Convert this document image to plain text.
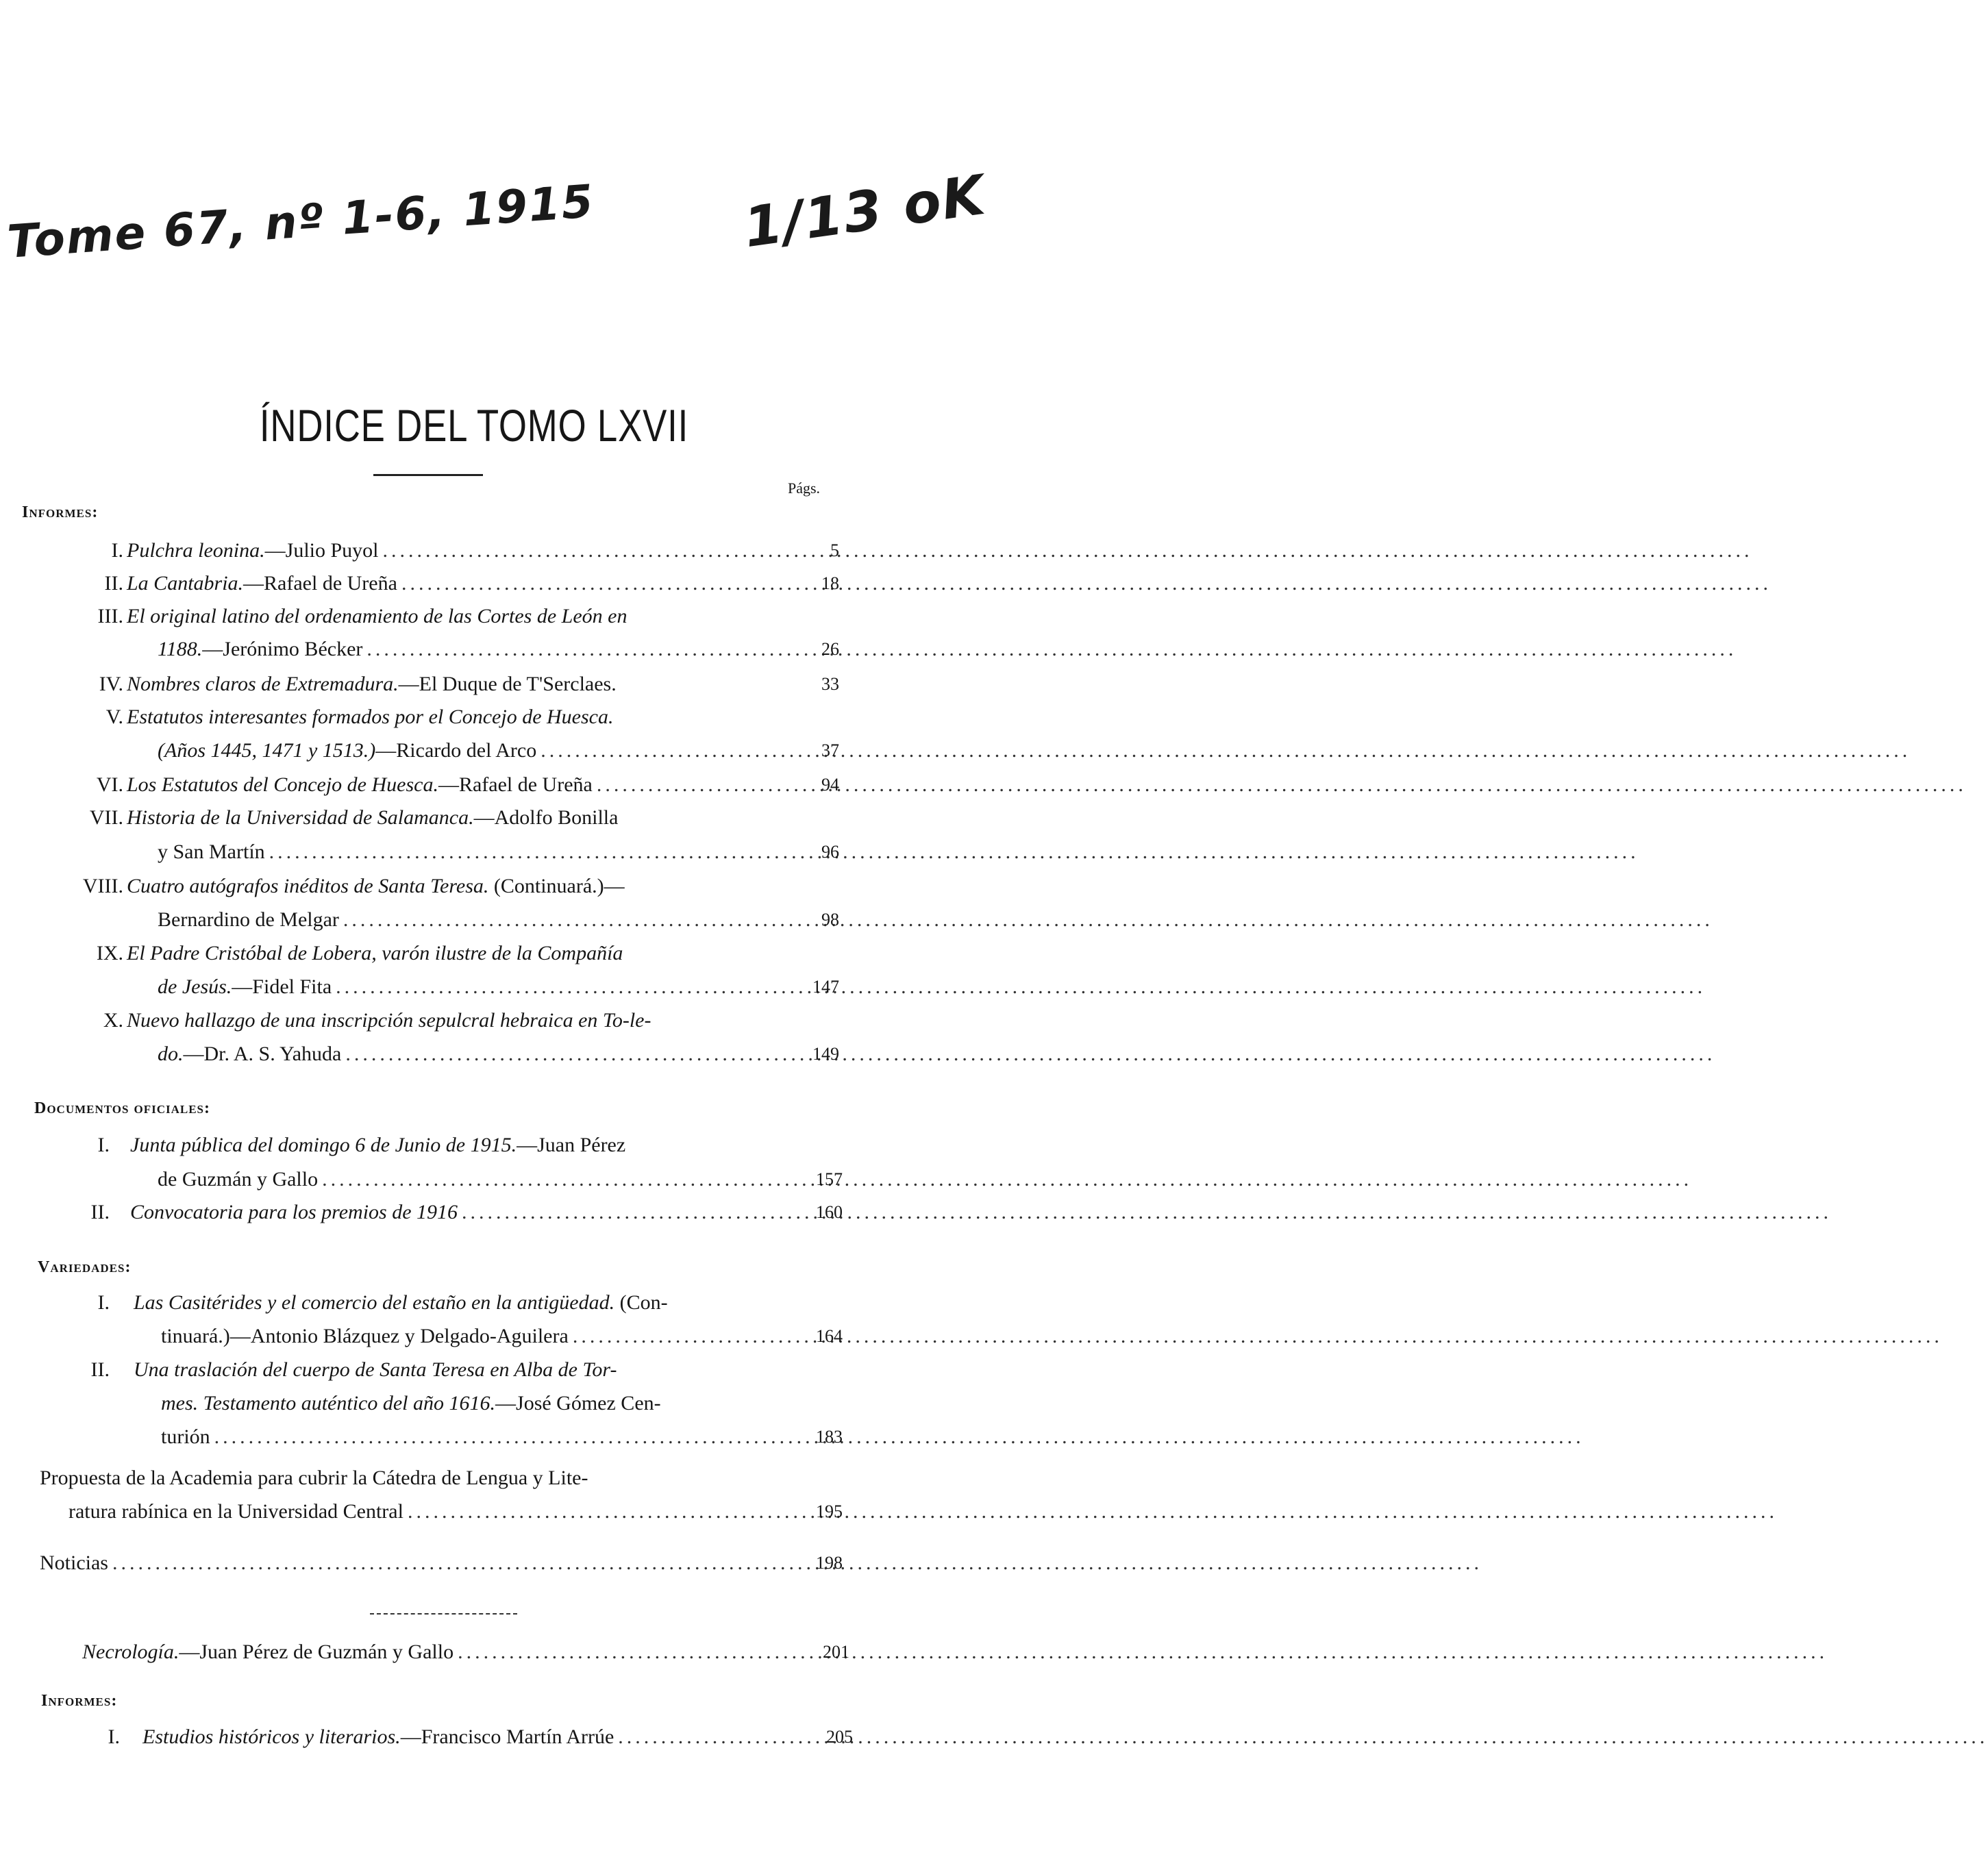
Tome 67, nº 1-6, 1915	1/13 oK
ÍNDICE DEL TOMO LXVII
Págs.
Informes:
I. Pulchra leonina.—Julio Puyol .....	5
II. La Cantabria.—Rafael de Ureña .....	18
III. El original latino del ordenamiento de las Cortes de León en
1188.—Jerónimo Bécker .....	26
IV. Nombres claros de Extremadura.—El Duque de T'Serclaes.	33
V. Estatutos interesantes formados por el Concejo de Huesca.
(Años 1445, 1471 y 1513.)—Ricardo del Arco .....	37
VI. Los Estatutos del Concejo de Huesca.—Rafael de Ureña .....	94
VII. Historia de la Universidad de Salamanca.—Adolfo Bonilla
y San Martín .....	96
VIII. Cuatro autógrafos inéditos de Santa Teresa. (Continuará.)—
Bernardino de Melgar .....	98
IX. El Padre Cristóbal de Lobera, varón ilustre de la Compañía
de Jesús.—Fidel Fita .....	147
X. Nuevo hallazgo de una inscripción sepulcral hebraica en To-le-
do.—Dr. A. S. Yahuda .....	149
Documentos oficiales:
I. Junta pública del domingo 6 de Junio de 1915.—Juan Pérez
de Guzmán y Gallo .....	157
II. Convocatoria para los premios de 1916 .....	160
Variedades:
I. Las Casitérides y el comercio del estaño en la antigüedad. (Con-
tinuará.)—Antonio Blázquez y Delgado-Aguilera .....	164
II. Una traslación del cuerpo de Santa Teresa en Alba de Tor-
mes. Testamento auténtico del año 1616.—José Gómez Cen-
turión .....	183
Propuesta de la Academia para cubrir la Cátedra de Lengua y Lite-
ratura rabínica en la Universidad Central .....	195
Noticias .....	198
Necrología.—Juan Pérez de Guzmán y Gallo .....	201
Informes:
I. Estudios históricos y literarios.—Francisco Martín Arrúe .....	205
